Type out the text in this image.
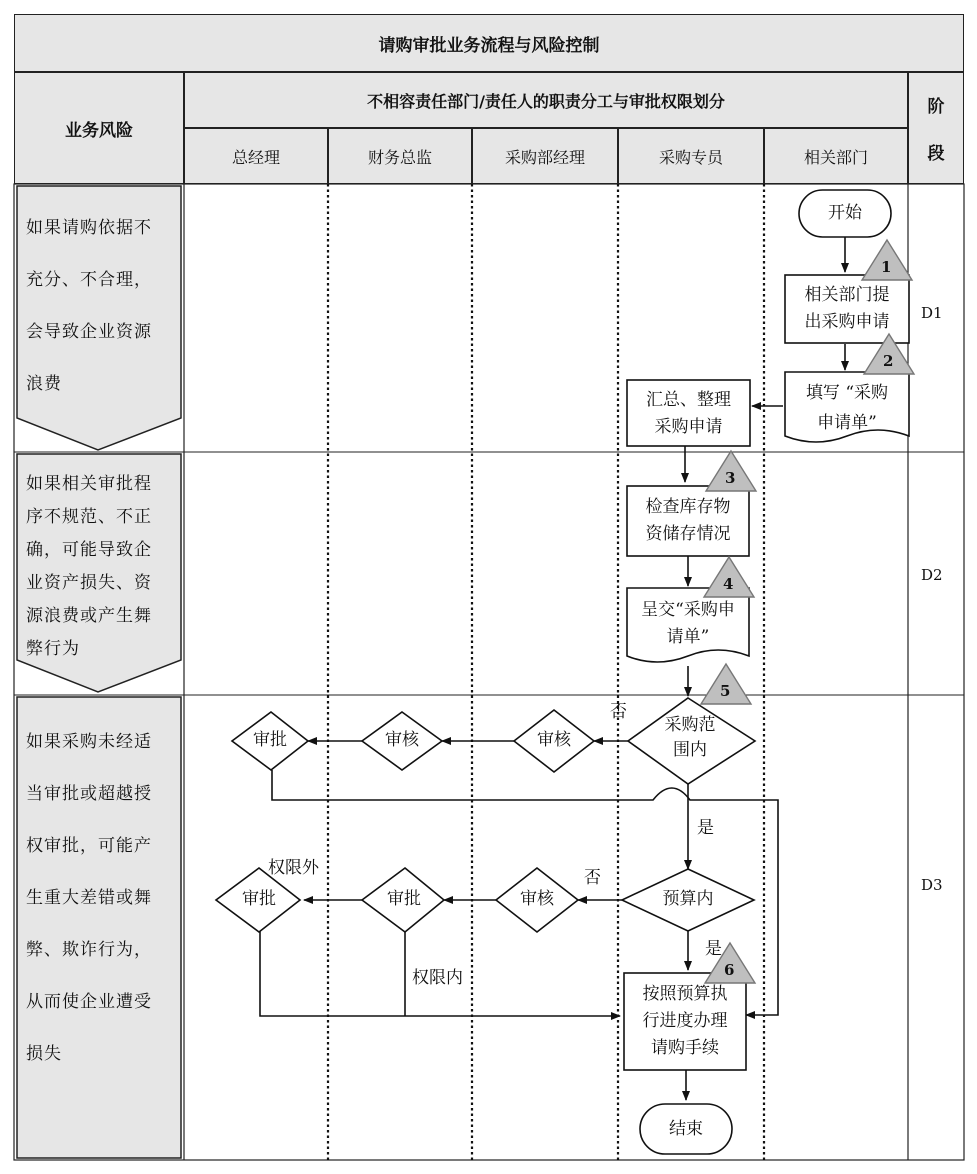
请购审批业务流程与风险控制
业务风险
不相容责任部门/责任人的职责分工与审批权限划分	阶
段
总经理	财务总监	采购部经理	采购专员	相关部门
1
2
3
4
5
6
如果请购依据不
充分、不合理，
会导致企业资源
浪费
如果相关审批程
序不规范、不正
确，可能导致企
业资产损失、资
源浪费或产生舞
弊行为
如果采购未经适
当审批或超越授
权审批，可能产
生重大差错或舞
弊、欺诈行为，
从而使企业遭受
损失
D1
D2
D3
开始
相关部门提
出采购申请
填写 “采购
申请单”
汇总、整理
采购申请
检查库存物
资储存情况
呈交“采购申
请单”
采购范
围内
预算内
按照预算执
行进度办理
请购手续
结束
审核
审核
审批
审核
审批
审批
否
是
否
是
权限外
权限内
